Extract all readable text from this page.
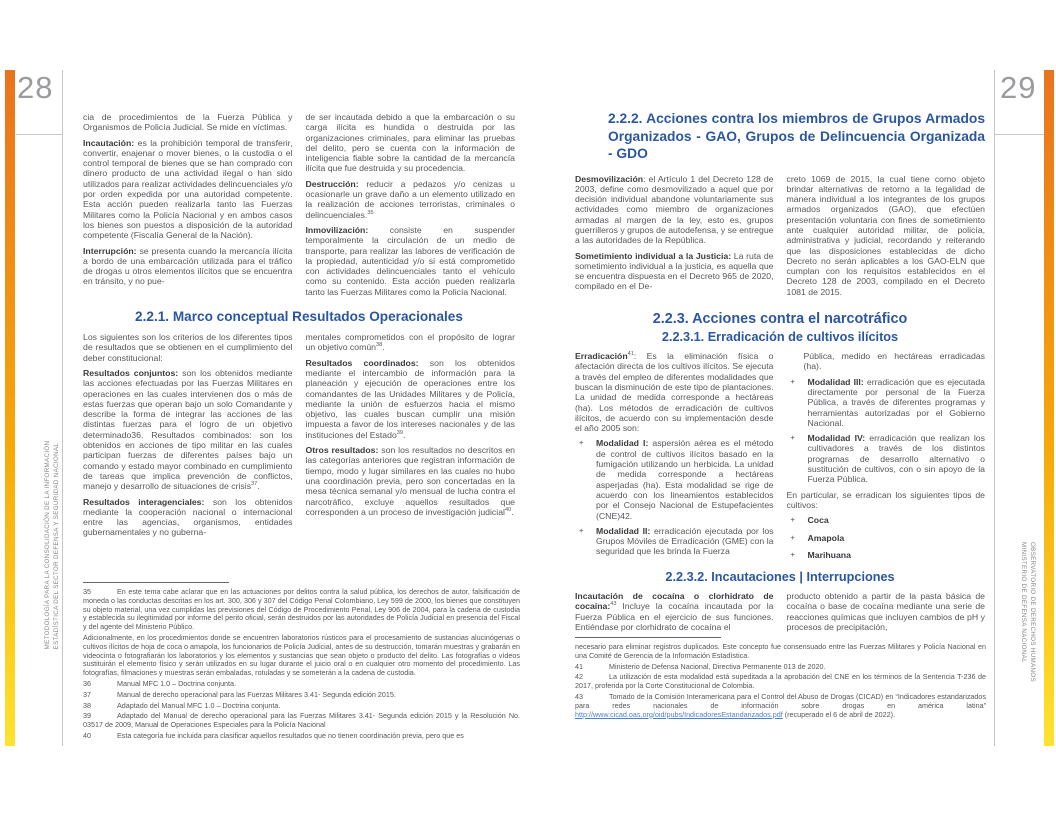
28
METODOLOGÍA PARA LA CONSOLIDACIÓN DE LA INFORMACIÓN ESTADÍSTICA DEL SECTOR DEFENSA Y SEGURIDAD NACIONAL
29
OBSERVATORIO DE DERECHOS HUMANOS
MINISTERIO DE DEFENSA NACIONAL

cia de procedimientos de la Fuerza Pública y Organismos de Policía Judicial. Se mide en víctimas.

Incautación: es la prohibición temporal de transferir, convertir, enajenar o mover bienes, o la custodia o el control temporal de bienes que se han comprado con dinero producto de una actividad ilegal o han sido utilizados para realizar actividades delincuenciales y/o por orden expedida por una autoridad competente. Esta acción pueden realizarla tanto las Fuerzas Militares como la Policía Nacional y en ambos casos los bienes son puestos a disposición de la autoridad competente (Fiscalía General de la Nación).

Interrupción: se presenta cuando la mercancía ilícita a bordo de una embarcación utilizada para el tráfico de drogas u otros elementos ilícitos que se encuentra en tránsito, y no pue-

de ser incautada debido a que la embarcación o su carga ilícita es hundida o destruida por las organizaciones criminales, para eliminar las pruebas del delito, pero se cuenta con la información de inteligencia fiable sobre la cantidad de la mercancía ilícita que fue destruida y su procedencia.

Destrucción: reducir a pedazos y/o cenizas u ocasionarle un grave daño a un elemento utilizado en la realización de acciones terroristas, criminales o delincuenciales.$^{35}$

Inmovilización: consiste en suspender temporalmente la circulación de un medio de transporte, para realizar las labores de verificación de la propiedad, autenticidad y/o si está comprometido con actividades delincuenciales tanto el vehículo como su contenido. Esta acción pueden realizarla tanto las Fuerzas Militares como la Policía Nacional.

2.2.1. Marco conceptual Resultados Operacionales

Los siguientes son los criterios de los diferentes tipos de resultados que se obtienen en el cumplimiento del deber constitucional:

Resultados conjuntos: son los obtenidos mediante las acciones efectuadas por las Fuerzas Militares en operaciones en las cuales intervienen dos o más de estas fuerzas que operan bajo un solo Comandante y describe la forma de integrar las acciones de las distintas fuerzas para el logro de un objetivo determinado36. Resultados combinados: son los obtenidos en acciones de tipo militar en las cuales participan fuerzas de diferentes países bajo un comando y estado mayor combinado en cumplimiento de tareas que implica prevención de conflictos, manejo y desarrollo de situaciones de crisis$^{37}$.

Resultados interagenciales: son los obtenidos mediante la cooperación nacional o internacional entre las agencias, organismos, entidades gubernamentales y no guberna-

mentales comprometidos con el propósito de lograr un objetivo común$^{38}$.

Resultados coordinados: son los obtenidos mediante el intercambio de información para la planeación y ejecución de operaciones entre los comandantes de las Unidades Militares y de Policía, mediante la unión de esfuerzos hacia el mismo objetivo, las cuales buscan cumplir una misión impuesta a favor de los intereses nacionales y de las instituciones del Estado$^{39}$.

Otros resultados: son los resultados no descritos en las categorías anteriores que registran información de tiempo, modo y lugar similares en las cuales no hubo una coordinación previa, pero son concertadas en la mesa técnica semanal y/o mensual de lucha contra el narcotráfico, excluye aquellos resultados que corresponden a un proceso de investigación judicial$^{40}$.

35	En este tema cabe aclarar que en las actuaciones por delitos contra la salud pública, los derechos de autor, falsificación de moneda o las conductas descritas en los art. 300, 306 y 307 del Código Penal Colombiano, Ley 599 de 2000, los bienes que constituyen su objeto material, una vez cumplidas las previsiones del Código de Procedimiento Penal, Ley 906 de 2004, para la cadena de custodia y establecida su ilegitimidad por informe del perito oficial, serán destruidos por las autoridades de Policía Judicial en presencia del Fiscal y del agente del Ministerio Público.
Adicionalmente, en los procedimientos donde se encuentren laboratorios rústicos para el procesamiento de sustancias alucinógenas o cultivos ilícitos de hoja de coca o amapola, los funcionarios de Policía Judicial, antes de su destrucción, tomarán muestras y grabarán en videocinta o fotografiarán los laboratorios y los elementos y sustancias que sean objeto o producto del delito. Las fotografías o vídeos sustituirán el elemento físico y serán utilizados en su lugar durante el juicio oral o en cualquier otro momento del procedimiento. Las fotografías, filmaciones y muestras serán embaladas, rotuladas y se someterán a la cadena de custodia.
36	Manual MFC 1.0 – Doctrina conjunta.
37	Manual de derecho operacional para las Fuerzas Militares 3.41- Segunda edición 2015.
38	Adaptado del Manual MFC 1.0 – Doctrina conjunta.
39	Adaptado del Manual de derecho operacional para las Fuerzas Militares 3.41- Segunda edición 2015 y la Resolución No. 03517 de 2009, Manual de Operaciones Especiales para la Policía Nacional
40	Esta categoría fue incluida para clasificar aquellos resultados que no tienen coordinación previa, pero que es
2.2.2. Acciones contra los miembros de Grupos Armados Organizados - GAO, Grupos de Delincuencia Organizada - GDO

Desmovilización: el Artículo 1 del Decreto 128 de 2003, define como desmovilizado a aquel que por decisión individual abandone voluntariamente sus actividades como miembro de organizaciones armadas al margen de la ley, esto es, grupos guerrilleros y grupos de autodefensa, y se entregue a las autoridades de la República.

Sometimiento individual a la Justicia: La ruta de sometimiento individual a la justicia, es aquella que se encuentra dispuesta en el Decreto 965 de 2020, compilado en el De-

creto 1069 de 2015, la cual tiene como objeto brindar alternativas de retorno a la legalidad de manera individual a los integrantes de los grupos armados organizados (GAO), que efectúen presentación voluntaria con fines de sometimiento ante cualquier autoridad militar, de policía, administrativa y judicial, recordando y reiterando que las disposiciones establecidas de dicho Decreto no serán aplicables a los GAO-ELN que cumplan con los requisitos establecidos en el Decreto 128 de 2003, compilado en el Decreto 1081 de 2015.

2.2.3. Acciones contra el narcotráfico
2.2.3.1. Erradicación de cultivos ilícitos

Erradicación$^{41}$: Es la eliminación física o afectación directa de los cultivos ilícitos. Se ejecuta a través del empleo de diferentes modalidades que buscan la disminución de este tipo de plantaciones. La unidad de medida corresponde a hectáreas (ha). Los métodos de erradicación de cultivos ilícitos, de acuerdo con su implementación desde el año 2005 son:

+	Modalidad I: aspersión aérea es el método de control de cultivos ilícitos basado en la fumigación utilizando un herbicida. La unidad de medida corresponde a hectáreas asperjadas (ha). Esta modalidad se rige de acuerdo con los lineamientos establecidos por el Consejo Nacional de Estupefacientes (CNE)42.
+	Modalidad II: erradicación ejecutada por los Grupos Móviles de Erradicación (GME) con la seguridad que les brinda la Fuerza

Pública, medido en hectáreas erradicadas (ha).

+	Modalidad III: erradicación que es ejecutada directamente por personal de la Fuerza Pública, a través de diferentes programas y herramientas autorizadas por el Gobierno Nacional.
+	Modalidad IV: erradicación que realizan los cultivadores a través de los distintos programas de desarrollo alternativo o sustitución de cultivos, con o sin apoyo de la Fuerza Pública.

En particular, se erradican los siguientes tipos de cultivos:

+	Coca
+	Amapola
+	Marihuana
2.2.3.2. Incautaciones | Interrupciones

Incautación de cocaína o clorhidrato de cocaína:$^{43}$ Incluye la cocaína incautada por la Fuerza Pública en el ejercicio de sus funciones. Entiéndase por clorhidrato de cocaína el

producto obtenido a partir de la pasta básica de cocaína o base de cocaína mediante una serie de reacciones químicas que incluyen cambios de pH y procesos de precipitación,

necesario para eliminar registros duplicados. Este concepto fue consensuado entre las Fuerzas Militares y Policía Nacional en una Comité de Gerencia de la Información Estadística.
41	Ministerio de Defensa Nacional, Directiva Permanente 013 de 2020.
42	La utilización de esta modalidad está supeditada a la aprobación del CNE en los términos de la Sentencia T-236 de 2017, proferida por la Corte Constitucional de Colombia.
43	Tomado de la Comisión Interamericana para el Control del Abuso de Drogas (CICAD) en “Indicadores estandarizados para redes nacionales de información sobre drogas en américa latina” http://www.cicad.oas.org/oid/pubs/IndicadoresEstandarizados.pdf (recuperado el 6 de abril de 2022).
